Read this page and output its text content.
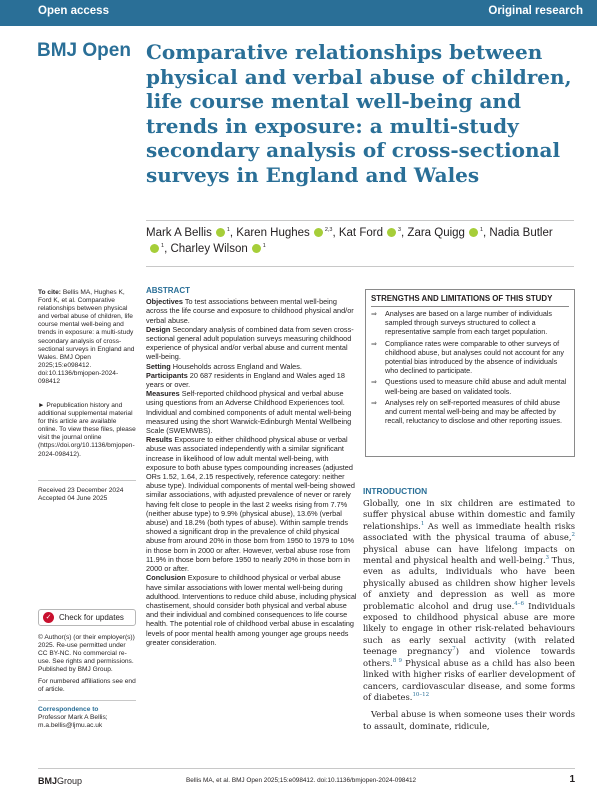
Open access	Original research
BMJ Open Comparative relationships between physical and verbal abuse of children, life course mental well-being and trends in exposure: a multi-study secondary analysis of cross-sectional surveys in England and Wales
Mark A Bellis	$^1$, Karen Hughes	$^{2,3}$, Kat Ford	$^3$, Zara Quigg	$^1$, Nadia Butler$^1$, Charley Wilson	$^1$
To cite: Bellis MA, Hughes K, Ford K, et al. Comparative relationships between physical and verbal abuse of children, life course mental well-being and trends in exposure: a multi-study secondary analysis of cross-sectional surveys in England and Wales. BMJ Open 2025;15:e098412. doi:10.1136/bmjopen-2024-098412
► Prepublication history and additional supplemental material for this article are available online. To view these files, please visit the journal online (https://doi.org/10.1136/bmjopen-2024-098412).
Received 23 December 2024
Accepted 04 June 2025
✓ Check for updates
© Author(s) (or their employer(s)) 2025. Re-use permitted under CC BY-NC. No commercial re-use. See rights and permissions. Published by BMJ Group.
For numbered affiliations see end of article.
Correspondence to
Professor Mark A Bellis;
m.a.bellis@ljmu.ac.uk
ABSTRACT

Objectives To test associations between mental well-being across the life course and exposure to childhood physical and/or verbal abuse.

Design Secondary analysis of combined data from seven cross-sectional general adult population surveys measuring childhood experience of physical and/or verbal abuse and current mental well-being.

Setting Households across England and Wales.

Participants 20 687 residents in England and Wales aged 18 years or over.

Measures Self-reported childhood physical and verbal abuse using questions from an Adverse Childhood Experiences tool. Individual and combined components of adult mental well-being measured using the short Warwick-Edinburgh Mental Wellbeing Scale (SWEMWBS).

Results Exposure to either childhood physical abuse or verbal abuse was associated independently with a similar significant increase in likelihood of low adult mental well-being, with exposure to both abuse types compounding increases (adjusted ORs 1.52, 1.64, 2.15 respectively, reference category: neither abuse type). Individual components of mental well-being showed similar associations, with adjusted prevalence of never or rarely having felt close to people in the last 2 weeks rising from 7.7% (neither abuse type) to 9.9% (physical abuse), 13.6% (verbal abuse) and 18.2% (both types of abuse). Within sample trends showed a significant drop in the prevalence of child physical abuse from around 20% in those born from 1950 to 1979 to 10% in those born in 2000 or after. However, verbal abuse rose from 11.9% in those born before 1950 to nearly 20% in those born in 2000 or after.

Conclusion Exposure to childhood physical or verbal abuse have similar associations with lower mental well-being during adulthood. Interventions to reduce child abuse, including physical chastisement, should consider both physical and verbal abuse and their individual and combined consequences to life course health. The potential role of childhood verbal abuse in escalating levels of poor mental health among younger age groups needs greater consideration.

STRENGTHS AND LIMITATIONS OF THIS STUDY
⇒ Analyses are based on a large number of individuals sampled through surveys structured to collect a representative sample from each target population.
⇒ Compliance rates were comparable to other surveys of childhood abuse, but analyses could not account for any potential bias introduced by the absence of individuals who declined to participate.
⇒ Questions used to measure child abuse and adult mental well-being are based on validated tools.
⇒ Analyses rely on self-reported measures of child abuse and current mental well-being and may be affected by recall, reluctancy to disclose and other reporting issues.
INTRODUCTION

Globally, one in six children are estimated to suffer physical abuse within domestic and family relationships.$^1$ As well as immediate health risks associated with the physical trauma of abuse,$^2$ physical abuse can have lifelong impacts on mental and physical health and well-being.$^3$ Thus, even as adults, individuals who have been physically abused as children show higher levels of anxiety and depression as well as more problematic alcohol and drug use.$^{4-6}$ Individuals exposed to childhood physical abuse are more likely to engage in other risk-related behaviours such as early sexual activity (with related teenage pregnancy$^7$) and violence towards others.$^{8 9}$ Physical abuse as a child has also been linked with higher risks of earlier development of cancers, cardiovascular disease, and some forms of diabetes.$^{10-12}$

Verbal abuse is when someone uses their words to assault, dominate, ridicule,

BMJGroup	Bellis MA, et al. BMJ Open 2025;15:e098412. doi:10.1136/bmjopen-2024-098412	1
